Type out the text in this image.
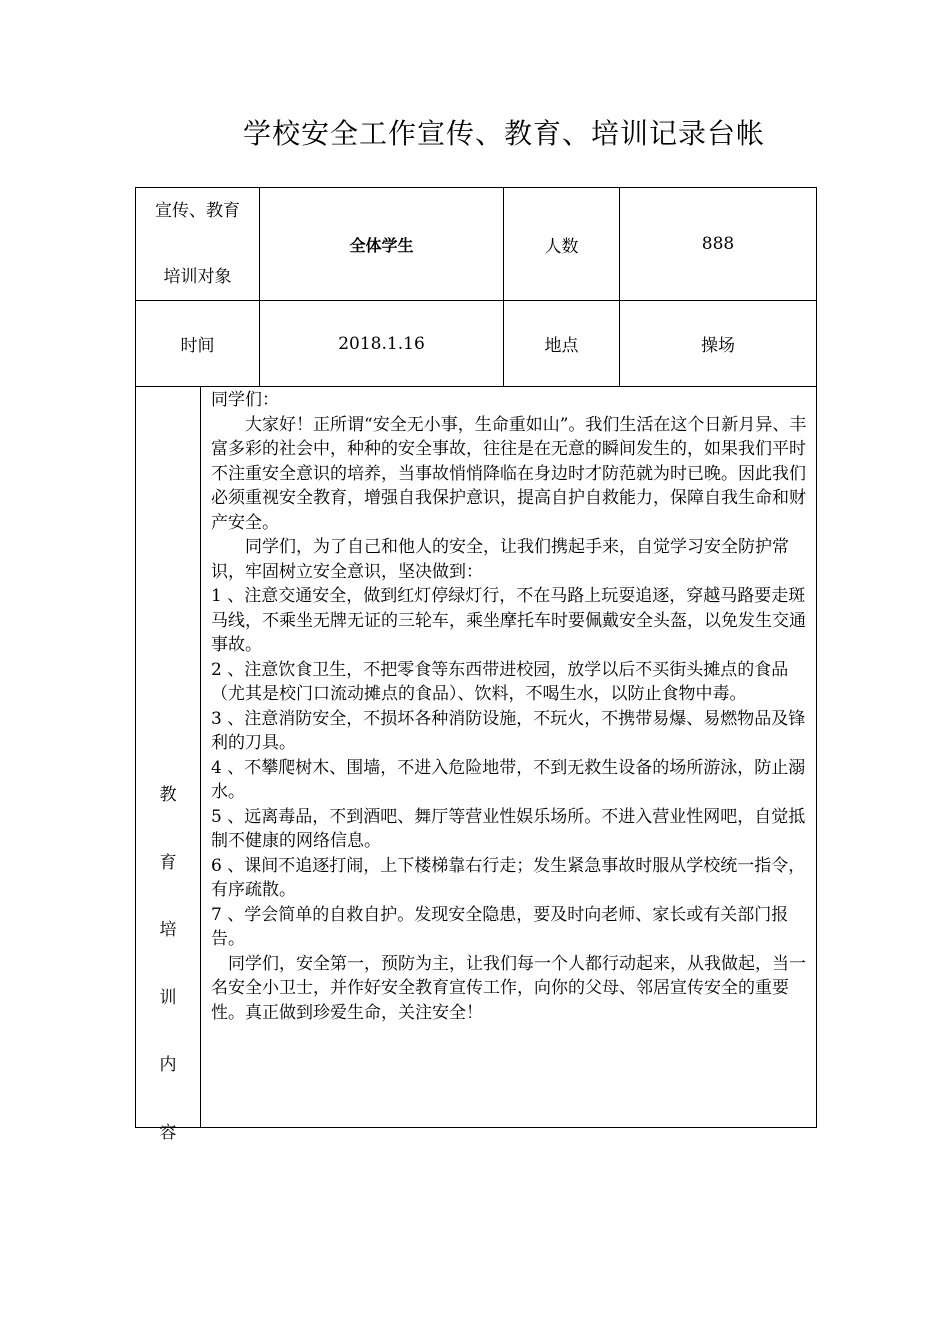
学校安全工作宣传、教育、培训记录台帐
宣传、教育
培训对象
全体学生	人数	888
时间	2018.1.16	地点	操场
教
育
培
训
内
容

同学们：

　　大家好！正所谓“安全无小事，生命重如山”。我们生活在这个日新月异、丰富多彩的社会中，种种的安全事故，往往是在无意的瞬间发生的，如果我们平时不注重安全意识的培养，当事故悄悄降临在身边时才防范就为时已晚。因此我们必须重视安全教育，增强自我保护意识，提高自护自救能力，保障自我生命和财产安全。

　　同学们，为了自己和他人的安全，让我们携起手来，自觉学习安全防护常识，牢固树立安全意识，坚决做到：

1 、注意交通安全，做到红灯停绿灯行，不在马路上玩耍追逐，穿越马路要走斑马线，不乘坐无牌无证的三轮车，乘坐摩托车时要佩戴安全头盔，以免发生交通事故。

2 、注意饮食卫生，不把零食等东西带进校园，放学以后不买街头摊点的食品（尤其是校门口流动摊点的食品）、饮料，不喝生水，以防止食物中毒。

3 、注意消防安全，不损坏各种消防设施，不玩火，不携带易爆、易燃物品及锋利的刀具。

4 、不攀爬树木、围墙，不进入危险地带，不到无救生设备的场所游泳，防止溺水。

5 、远离毒品，不到酒吧、舞厅等营业性娱乐场所。不进入营业性网吧，自觉抵制不健康的网络信息。

6 、课间不追逐打闹，上下楼梯靠右行走；发生紧急事故时服从学校统一指令，有序疏散。

7 、学会简单的自救自护。发现安全隐患，要及时向老师、家长或有关部门报告。

　同学们，安全第一，预防为主，让我们每一个人都行动起来，从我做起，当一名安全小卫士，并作好安全教育宣传工作，向你的父母、邻居宣传安全的重要性。真正做到珍爱生命，关注安全！
